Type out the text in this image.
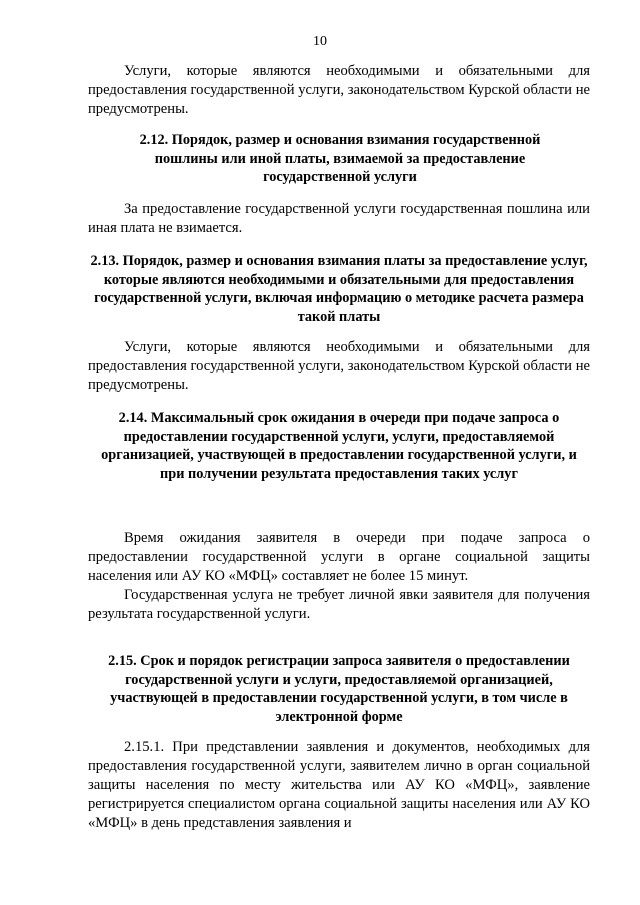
10

Услуги, которые являются необходимыми и обязательными для предоставления государственной услуги, законодательством Курской области не предусмотрены.

2.12. Порядок, размер и основания взимания государственной пошлины или иной платы, взимаемой за предоставление государственной услуги

За предоставление государственной услуги государственная пошлина или иная плата не взимается.

2.13. Порядок, размер и основания взимания платы за предоставление услуг, которые являются необходимыми и обязательными для предоставления государственной услуги, включая информацию о методике расчета размера такой платы

Услуги, которые являются необходимыми и обязательными для предоставления государственной услуги, законодательством Курской области не предусмотрены.

2.14. Максимальный срок ожидания в очереди при подаче запроса о предоставлении государственной услуги, услуги, предоставляемой организацией, участвующей в предоставлении государственной услуги, и при получении результата предоставления таких услуг

Время ожидания заявителя в очереди при подаче запроса о предоставлении государственной услуги в органе социальной защиты населения или АУ КО «МФЦ» составляет не более 15 минут.

Государственная услуга не требует личной явки заявителя для получения результата государственной услуги.

2.15. Срок и порядок регистрации запроса заявителя о предоставлении государственной услуги и услуги, предоставляемой организацией, участвующей в предоставлении государственной услуги, в том числе в электронной форме

2.15.1. При представлении заявления и документов, необходимых для предоставления государственной услуги, заявителем лично в орган социальной защиты населения по месту жительства или АУ КО «МФЦ», заявление регистрируется специалистом органа социальной защиты населения или АУ КО «МФЦ» в день представления заявления и
